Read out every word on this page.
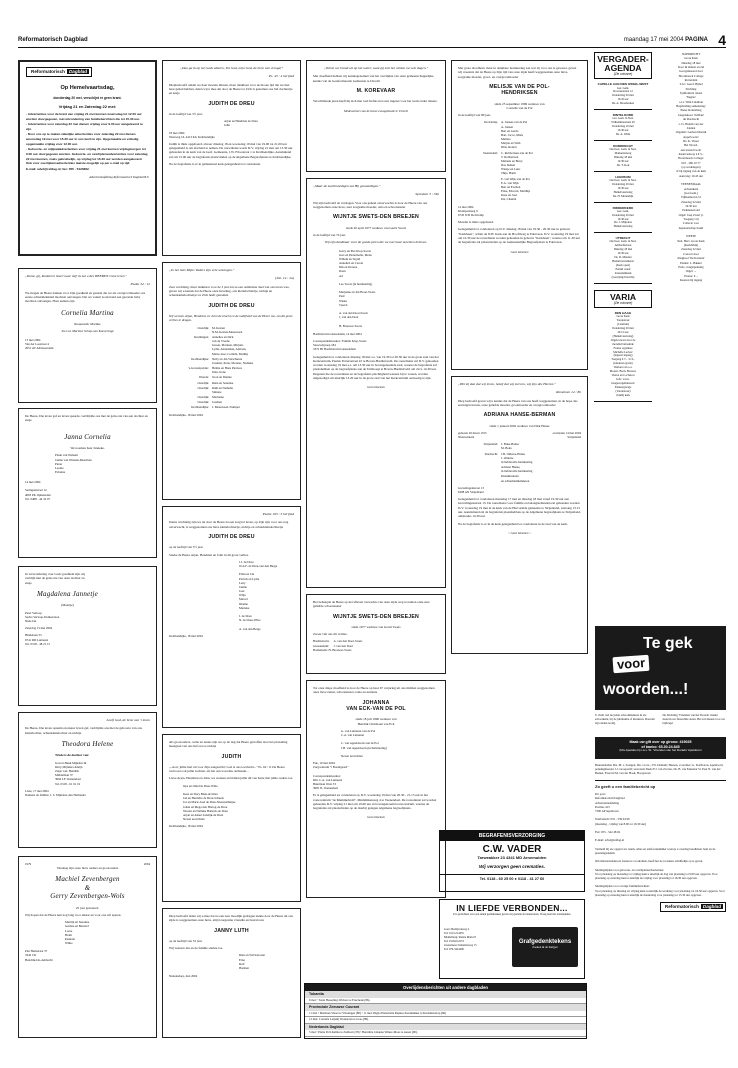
Reformatorisch Dagblad	maandag 17 mei 2004 PAGINA 4
Reformatorisch Dagblad
Op Hemelvaartsdag,
donderdag 20 mei, verschijnt er geen krant.
Vrijdag 21 en Zaterdag 22 mei:
- Advertenties voor de krant van vrijdag 21 mei kunnen woensdag tot 12.00 uur worden doorgegeven, met uitzondering van familieberichten die tot 15.30 uur.
- Advertenties voor zaterdag 22 mei dienen vrijdag voor 9.00 uur aangeleverd te zijn.
- Door ons op te maken zakelijke advertenties voor zaterdag 22 mei dienen woensdag 19 mei voor 15.30 uur in ons bezit te zijn. Opgemaakte en volledig opgemaakte vrijdag voor 12.00 uur.
- Geboorte- en mijlpaaladvertenties voor vrijdag 21 mei kunnen vrijdagmorgen tot 9.00 uur doorgegeven worden. Geboorte- en overlijdensadvertenties voor zaterdag 22 mei kunnen, zoals gebruikelijk, op vrijdag tot 16.30 uur worden aangeleverd. Ook voor overlijdensadvertenties laatste mogelijk op per e-mail op tijd.
E-mail: advd@refdag.nl; fax: 055 - 5424882.
Advertentieafdeling Reformatorisch Dagblad B.V.
„Komt, gij, kinderen! hoort naar mij! ik zal u des HEEREN vreze leren."
Psalm 34 : 12
We mogen de Heere danken voor Zijn goedheid en genade dat we als overgrootmoeder ons eerste achterkleinkind mochten ontvangen. Dat we vanuit Gods hand een gezonde baby mochten ontvangen. Haar namen zijn
Cornelia Martina
Roepnaam: Martine
Joco en Marleen Schep-van Koeveringe
13 mei 2004
Van der Leestraat 4
2951 AV Alblasserdam
De Heere, Die leven gaf en leven spaarde, verblijdde ons met de geboorte van een dochter en zusje
Janna Cornelia
We noemen haar Janneke.
Pleun van Walsem
Jannie van Walsem-Meerman
Pieter
Leonie
Evianne
14 mei 2004
Seringenstraat 12
4063 PK Opheusden
Tel. 0488 - 44 34 07
In verwondering over Gods goedheid zijn wij verblijd met de geboorte van onze dochter en zusje
Magdalena Jannetje
(Maartje)
Peter Verloop
Secho Verloop-Donkersloot
Niek-Jan
Zaterdag 15 mei 2004
Hindelaan 53
6741 RD Lunteren
Tel. 0318 - 48 21 15
Looft God, de bron van 't leven
De Heere, Die leven opnamt en nieuw leven gaf, verblijdde ons met de geboorte van ons kleindochter, achterkleindochter en nichtje
Theodora Helene
Trude is de dochter van:
Govert-Henk Mijnders &
Dirry Mijnders-Kleijn
Zusje van: Hendrik
Middellaan 37
3994 LE Veenendaal
Tel. 0318 - 61 91 19
Lisse, 17 mei 2004
Namens de familie: J. S. Mijnders-den Hollander
1979	2004
Vandaag zijn onze lieve ouders en grootouders
Machiel Zevenbergen
&
Gerry Zevenbergen-Wols
25 jaar getrouwd.
Wij hopen dat de Heere hen nog lang voor elkaar en voor ons wil sparen.
Martijn en Suzanne
Gertine en Bernard
Loare
Bram
Paulette
Wilko
Piet Heinstraat 37
3342 CK
Hendrik-Ido-Ambacht
„Dan ga ik op tot Gods altaren, Tot God, mijn God, de bron van vreugd;"
Ps. 43 : 4 berijmd
Diepbedroefd omdat we haar moeten missen, maar dankbaar voor de mooie tijd die we met haar gehad hebben, delen wij u mee dat door de Heere tot Zich is genomen ons lief dochtertje en zusje
JUDITH DE DREU
in de leeftijd van 3½ jaar.
Arjan en Hendrien de Dreu
John
18 mei 2004
Westweg 16, 4413 KG Krabbendijke
Judith is thuis opgebaard, alwaar dinsdag 18 en woensdag 19 mei van 19.00 tot 21.00 uur gelegenheid is om afscheid te nemen. De rouwdienst wordt D.V. vrijdag 21 mei om 13.30 uur gehouden in de kerk van de Gerf. Gemeente, J.W. Frisostraat 1 te Krabbendijke. Aansluitend zal om 15.00 uur de begrafenis plaatsvinden op de Algemene Begraafplaats te Krabbendijke.
Na de begrafenis is er in gemeenteel kerk gelegenheid tot condoleren.
„In het huis Mijns Vaders zijn vele woningen."
(Joh. 14 : 2a)
Zeer verdrietig, maar dankbaar voor de 3 jaar dat ze een onmisbaar deel van ons leven was, geven wij u kennis dat de Heere onze lieveling, ons kleindochtertje, nichtje en achterkleindochtertje tot Zich heeft genomen
JUDITH DE DREU
Wij wensen Arjan, Hendrien en John de kracht en de nabijheid van de Heere toe, om dit grote verlies te dragen.
Oostdijk: M. Kesten
N.M. Kesten-Meeuwsen
Kruiningen: Annelies en Dick
van de Vreede
Jeroen, Marleen, Mirjam,
Lydia, Anneriekte, Adriaan,
Marie-José, Cornida, Mathijs
Krabbendijke: Netty en Jan Verschuure
Joselien, Ilona, Moreno, Nadieke
's-Gravenpolder: Helma en Hans Pierloos
Irma, Irene
Waarde: Toon en Dianne
Oostdijk: René en Saterske
Oostdijk: Ruth en Nathalie
Simone
Oostdijk: Marianne
Oostdijk: Joselien
Krabbendijke: J. Meeuwsen-Trumper
Krabbendijke, 18 mei 2004
Psalm 103 : 3 berijmd
Intens verdrietig zijn we nu door de Heere na een zorgvol leven, op Zijn tijd, voor ons nog onverwacht, is weggenomen ons lieve kleindochtertje, nichtje en achterkleindochtertje
JUDITH DE DREU
op de leeftijd van 3½ jaar.
Sterke de Heere Arjan, Hendrien en John in dit grote verlies.
J.J. de Dreu
W.A.F. de Dreu-van den Berge

Ellen en Jan
Patrick en Lydia
Letty
Janine
José
Wilja
Marcel
Dianne
Marieke

J. de Dreu
N. de Dreu-Witte

A. van den Berge
Krabbendijke, 18 mei 2004
Als grootouders, ooms en tantes zijn we op de dag dat Heere getroffen door het plotseling heengaan van ons lief en toe nichtje
JUDITH
„..stort, jullie hart uit voor Zijn aangezicht; God is ons toevlucht..." Ps. 62 : 9. De Heere vertroost ook jullie zachten, als het aan woorden ontbreekt...
Lieve Arjan, Hendrien en John, we wensen en bidden jullie dit van harte met jullie ouders toe.
Opa en Oma De Dreu-Witte

Kees en Dory Blok-de Dreu
Jan en Harriëtte de Dreu-Scheele
Jos en Marie-José de Dreu-Nieuwenhuijse
Johan en Mega den Hartog-de Dreu
Wouter en Nelleke Harinck-de Dreu
Arjan en Annet Zandijk-de Dreu
Neven en nichten
Krabbendijke, 18 mei 2004
Diep bedroefd delen wij u mee dat na een zeer moeilijk gedragen ziekte door de Heere uit ons zijde is weggenomen onze lieve, altijd zorgzame vriendin en buurvrouw
JANNY LUTH
op de leeftijd van 55 jaar.
Wij wensen Jan en de familie sterkte toe.
Rien en Wil Klooster
Erna
Rolf
Harmen
Nunansdorp, mei 2004
„Wenst uw brood uit op het water, want gij zult het vinden na vele dagen."
Met droefheid hebben wij kennisgenomen van het overlijden van onze gemeenschappelijke kennis van de Gereformeerde Gemeente te Utrecht
M. KOREVAAR
Verschillende jaren heeft hij zich met veel liefde en trouw ingezet voor het werk onder tieners.
Medewerkers van de tiener-evangelisatie te Utrecht
„Maar de zachtmoedigen zal Hij gewaardigen."
Spreuken 3 : 34b
Wij zijn bedroefd en verslagen. Voor ons geheel onverwachts is door de Heere van ons weggenomen onze lieve, zeer zorgzame moeder, oma en schoonzuster
WIJNTJE SWETS-DEN BREEJEN
sinds 26 april 1977 weduwe van Gerrit Swets
in de leeftijd van 74 jaar.
Wij zijn dankbaar voor de goede jaren die we met haar mochten beleven.
Gerry en Piet Klop-Swets
Gert en Pietermella, Mette
Willem en Sigrid
Annelieb en Carola
Dik en Dorene
Daan
Ad

Leo Swets (in herinnering)

Marjanne en Jan Boon-Swets
Paul
Wieke
Tjoerd

A. van den Dool-Swets
J. van den Dool

H. Brouwer-Swets
Hardinxveld-Giessendam, 14 mei 2004
Correspondentieadres: Familie Klop-Swets
Stroevelgroep 184
3372 BJ Hardinxveld-Giessendam
Gelegenheid tot condoleren dinsdag 18 mei a.s. van 19.30 tot 20.30 uur in de grote zaal van het Kerkcentrum, Paulus Pottersstraat 22 te Boven-Hardinxveld. De rouwdienst zal D.V. gehouden worden woensdag 19 mei a.s. om 13.30 uur in bovengenoemde zaal, waarna de begrafenis zal plaatshebben op de begraafplaats aan de Tamboegi te Boven-Hardinxveld om circa 14.30 uur. Degenen die de rouwdienst en de begrafenis plechtigheid wensen bij te wonen, worden uitgenodigd om uiterlijk 13.20 uur in de grote zaal van het Kerkcentrum aanwezig te zijn.
Geen bloemen
Het behaagde de Heere op het afleven verwachts van onze zijde weg te nemen onze zeer geliefde schoonzuster
WIJNTJE SWETS-DEN BREEJEN
sinds 1977 weduwe van Gerrit Swets
Zwaar valt ons dit verlies.
Hardinxveld-
Giessendam:
A. van den Dool-Swets
J. van den Dool
Bolderkerk: H. Brouwer-Swets
Tot onze diepe droefheid is door de Heere op haar 67 verjaring uit ons midden weggenomen onze lieve zuster, schoonzuster, tante en nuttante
JOHANNA
VAN ECK-VAN DE POL
sinds 18 juli 1996 weduwe van
Hendrik Christiaan van Eck
G. van Lunteren-van de Pol
C.A. van Lunteren

C. van Appeldoorn-van de Pol
J.H. van Appeldoorn (in herinnering)

Neven en nichten
Ede, 19 mei 2004
Zorgcentrum "t Boomgaard"

Correspondentieadres:
Dhr. C.A. van Lunteren
Buurtlaan West 33
3905 JL Veenendaal
Er is gelegenheid tot condoleren op D.V. woensdag 19 mei van 20.30 - 21.15 uur in het rouwcentrum "de Mummelveld", Mummikenweg 4 te Veenendaal. De rouwdienst zal worden gehouden D.V. vrijdag 21 mei om 10.00 uur in bovengenoemd rouwcentrum, waarna de begrafenis zal plaatsvinden op de daarbij gelegen Algemene begraafplaats.
Geen bloemen
Met grote droefheid, maar in dankbare herinnering aan wat zij voor ons is geweest, geven wij u kennis dat de Heere op Zijn tijd van onze zijde heeft weggenomen onze lieve, zorgzame moeder, groot- en overgrootmoeder
MELISJE VAN DE POL-
HENDRIKSEN
sinds 25 september 1969 weduwe van
Cornelis van de Pol
in de leeftijd van 80 jaar.
De Klomp: A. Jansen-van de Pol
A. Jansen
Bert en Gerda
Bart, Jacco, Mark
Melissa
Marjan en Wim
Dirk, Robert
Veenendaal: C. Robbertsen-van de Pol
T. Robbertsen
Melanie en Berry
Dai, Ruben
Wiesje en Luuc
Thijs, Harm
E. van Wijk-van de Pol
E.A. van Wijk
Bert en Evelien
Elise, Edward, Matthijs
Kees en José
Iris, Chantal
14 mei 2004
Klompersteeg 9
6745 WD De Klomp
Moeder is thuis opgebaard.
Gelegenheid tot condoleren op D.V. dinsdag 18 mei van 19.30 - 20.30 uur in gebouw "Kerkbeen", achter de N.H. Kerk aan de Hoofdweg te Ederveen. D.V. woensdag 19 mei zal om 10.30 uur de rouwdienst worden gehouden in gebouw "Kerkbeen", waarna om 11.30 uur de begrafenis zal plaatsvinden op de Gemeentelijke Begraafplaats te Ederveen.
Geen bloemen
„Het zij dan dat wij leven, hetzij dat wij sterven, wij zijn des Heeren."
Romeinen 14 : 8b
Diep bedroefd geven wij u kennis dat de Heere van ons heeft weggenomen, in de hope des eeuwigen levens, onze geliefde moeder, grootmoeder en overgrootmoeder
ADRIANA HANSE-BERMAN
sinds 1 januari 2002 weduwe van Dirk Hanse
geboren 29 maart 1915
Nieuwerkerk
overleden 14 mei 2004
Strijenland
Strijenland: J. Boks-Hanse
M. Boks
Dordrecht: J.B. Olderse-Hanse
J. Olderse
in liefdevolle herinnering
Adriaan Hanse,
in liefdevolle herinnering
Kleinkinderen
en achterkleinkinderen
Grevelingenstraat 13
6308 AN Strijenland
Gelegenheid tot condoleren maandag 17 mei en dinsdag 18 mei vanaf 19.30 uur aan Grevelingenstraat 13. De rouwdienst voor familie en belangstellenden zal gehouden worden D.V. woensdag 19 mei in de kerk van de Hervormde gemeente te Strijenland, aanvang 13.15 uur. Aansluitend zal de begrafenis plaatshebben op de Algemene begraafplaats te Strijenland, omstreeks 14.30 uur.
Na de begrafenis is er in de kerk gelegenheid tot condoleren in de zaal van de kerk.
~ Geen bloemen ~
BEGRAFENISVERZORGING
C.W. VADER
Tarweakker 23 4341 MD Arnemuiden
Wij verzorgen geen crematies.
Tel. 0118 - 60 25 00 ● 0118 - 41 27 60
IN LIEFDE VERBONDEN...
Uw gedachten over een uniek gedenkteken geven wij gestalte in natuursteen. Vraag naar het totaalpakket.
Goes: Bedrijvenweg 4
Tel: 0113-214455
Middelburg: Kleine Markt 8
Tel: 0118-612274
Zoetermeer: Industrieweg 15
Tel: 079-3424400
Grafgedenktekens
Zoeken & de Kuijper
Overlijdensberichten uit andere dagbladen
Tubantia
9 mei • Tonie Hesseling-Wichers te Enschede (86).
Provinciale Zeeuwse Courant
11 mei • Martinus Visser te Vlissingen (80) • 11 mei: Digna Pieternella Repkes-Steenhakker te Kruisinnsdorp (66)
12 mei: Cornelia Leijsnij Wouterzsn te Goes (89).
Nederlands Dagblad
5 mei • Pietie Poll-Kalma te Zudhorn (58) • Henriëtte Johanna Winter-Moes te Assen (90).
VERGADER-
AGENDA
(Zie colonne)
CAPELLE AAN DEN IJSSEL-WEST
Ger. Gem.
Doornsestraat 12
Donderdag 20 mei
19.45 uur
Ds. A. Moerkerken
DINTELOORD
Ger. Gem. in Ned.
Wilhelminastraat 20
Donderdag 16 mei
19.30 uur
Ds. A. Wink
DORDRECHT
Oud Ger. Gem. in Ned.
Markettenweg
Dinsdag 18 mei
19.30 uur
Ds. T. Kok
LEERSUM
Oud Ger. Gem. in Ned.
Donderdag 20 mei
19.30 uur
Hemelvaartsdag
Ds. H. Molendijk
RIDDERKERK
Ger. Gem.
Donderdag 20 mei
19.30 uur
Ds. J. Mijnders
Hemelvaartsdag
UTRECHT
Oud Ger. Gem. in Ned.
Ambachtstraat
Dinsdag 18 mei
19.30 uur
Ds. D. Mieuler
Hemelvaartsdienst
(Kerk open)
Pendel vanaf
Jeruzalemkerk
(Gewijzigd bericht)
VARIA
(Zie colonne)
DEN HAAG
Grote Kerk
Torenstraat
(Centrum)
Donderdag 20 mei
20.15 uur
(Hemelvaartsdag)
Orgelconcert door de
mondial befaamde
Franse organiste
Michelle Leclerc
(Ingeest ingang)
Toegang € 7,- / € 6,-
(kinderen gratis)
Werken van o.a.
Mozart, Bach, Bossart,
Vierne en Cocharon
Info: www.
haagseorgelkunst.nl
Parkeergarage
(Torenstraat)
vlakbij kerk
SLIEDRECHT
Grote Kerk
Dinsdag 18 mei
Koor & Orkest avond
Georganiseerd door
Hoornbeeck College
Rotterdam
T.b.v. Geref. Bijbel
Stichting
Symfonisch orkest
'Nagrus'
o.l.v. Wim Lindhout
Begeleiding samenzang:
Pieter Rodenburg
Jongenskoor 'Jubilate'
uit Dordrecht
o.l.v. Henrik van der
Linden
Organist: Gerben Mourik
Appelvoorst:
Ds. K. Visser
Het Woord,
een levend Gods'
Kaartverkoop à € 5,-
Hoornbeeck College:
010 - 260 10 77
(op werkdagen)
of bij ingang van de kerk
Aanvang: 19.45 uur

VEENENDAAL
Adventkerk
(Ger.Gem.)
Vijftienhoven 51
Zaterdag 22 mei
19.30 uur
Psalmenavond
Orgel: Jaap Zwart jr.
Toegang vrij
Collecte voor
deputaatschap Israël

WEESP
Ned. Herv. Grote Kerk
(Kerkbrink)
Zaterdag 22 mei
Concert door
Zangkoor 'De Karteria'
Pianist: L. Bakker
Endo, Jongstpenning
Orgel: ...
Entree: € ..
Kaarten bij ingang
Te gek
voor
woorden...!
U vindt wel de juiste schoolkinderen in uw schoolkerk, bij de jubileums of kinderen. Daarom zijn daden nodig.
De Stichting 'Vrienden van het Dorado' maakt daarom uw financiële steun. Het zal dienen voor uw bijdrage!
Maak uw gift over op girono: 419025
of banko: 65.30.24.845
(NG-Apeldoorn) t.a.v. St. 'Vrienden van het Dorado' Apeldoorn
Bestuursleden Drs. M. v. Zaaigen, fdn. voorz.; J.W. Deinum; Haesen, voorzitter; G. Korfhoren, Apeldoorn; penningmeester J.J. Groepveld; secretaris Deels F.J. van Zwolse, Ds. B. van Eekelaar Sr. Eest N. van der Beekel, Everard M. van der Hoek, Hoogeveen
Zó geeft u een familiebericht op
Per post:
Reformatorisch Dagblad
Advertentieafdeling
Postbus 413
7300 AP Apeldoorn

Telefonisch: 055 - 539 04 99
(maandag - vrijdag van 8.00 tot 16.30 uur)

Fax: 055 - 542 48 02

E-mail: advd@refdag.nl

Vermeld bij uw opgave uw naam, adres en telefoonnummer waarop u overdag bereikbaar bent en de plaatsingsdatum.

Om misverstanden en fouten te voorkomen, heeft het de voorkeur schriftelijk op te geven.

Sluitingstijden voor geboorte- en overlijdensadvertenties:
Voor plaatsing op maandag tot vrijdag kunt u uiterlijk de dag van plaatsing tot 9.00 uur opgeven. Voor plaatsing op zaterdag kunt u uiterlijk de vrijdag voor plaatsing tot 16.30 uur opgeven.

Sluitingstijden voor overige familieberichten:
Voor plaatsing op dinsdag tot vrijdag kunt u uiterlijk de werkdag voor plaatsing tot 16.30 uur opgeven. Voor plaatsing op zaterdag kunt u uiterlijk de donderdag voor plaatsing tot 15.30 uur opgeven.
Reformatorisch Dagblad
